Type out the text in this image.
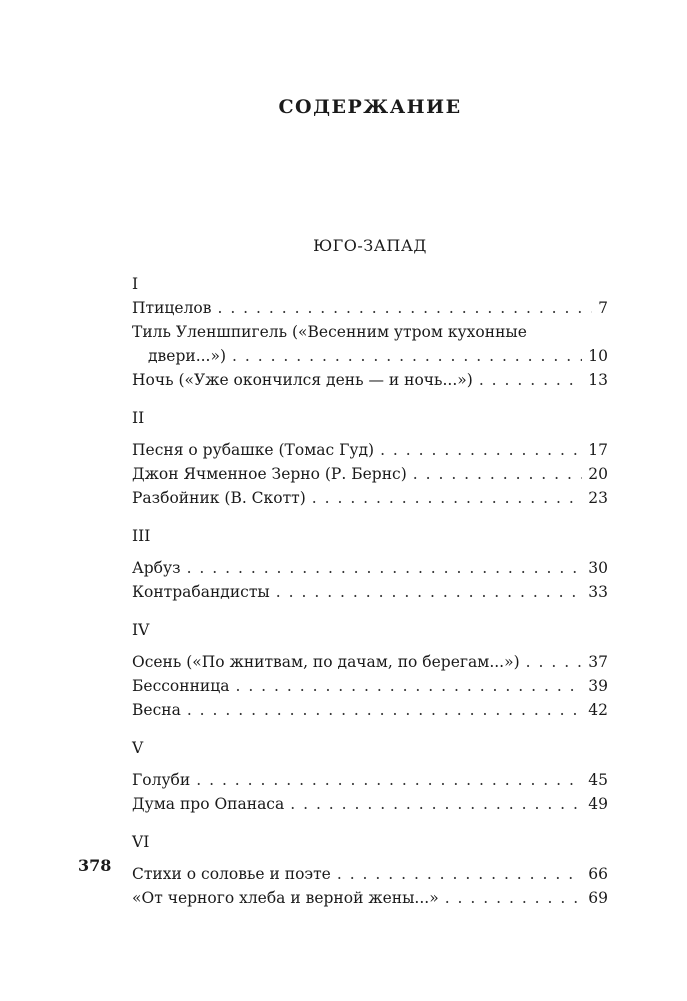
СОДЕРЖАНИЕ
ЮГО-ЗАПАД
I
Птицелов . . .	7
Тиль Уленшпигель («Весенним утром кухонные
двери...») . . .	10
Ночь («Уже окончился день — и ночь...») . . .	13
II
Песня о рубашке (Томас Гуд) . . .	17
Джон Ячменное Зерно (Р. Бернс) . . .	20
Разбойник (В. Скотт) . . .	23
III
Арбуз . . .	30
Контрабандисты . . .	33
IV
Осень («По жнитвам, по дачам, по берегам...») . . .	37
Бессонница . . .	39
Весна . . .	42
V
Голуби . . .	45
Дума про Опанаса . . .	49
VI
Стихи о соловье и поэте . . .	66
«От черного хлеба и верной жены...» . . .	69
378
